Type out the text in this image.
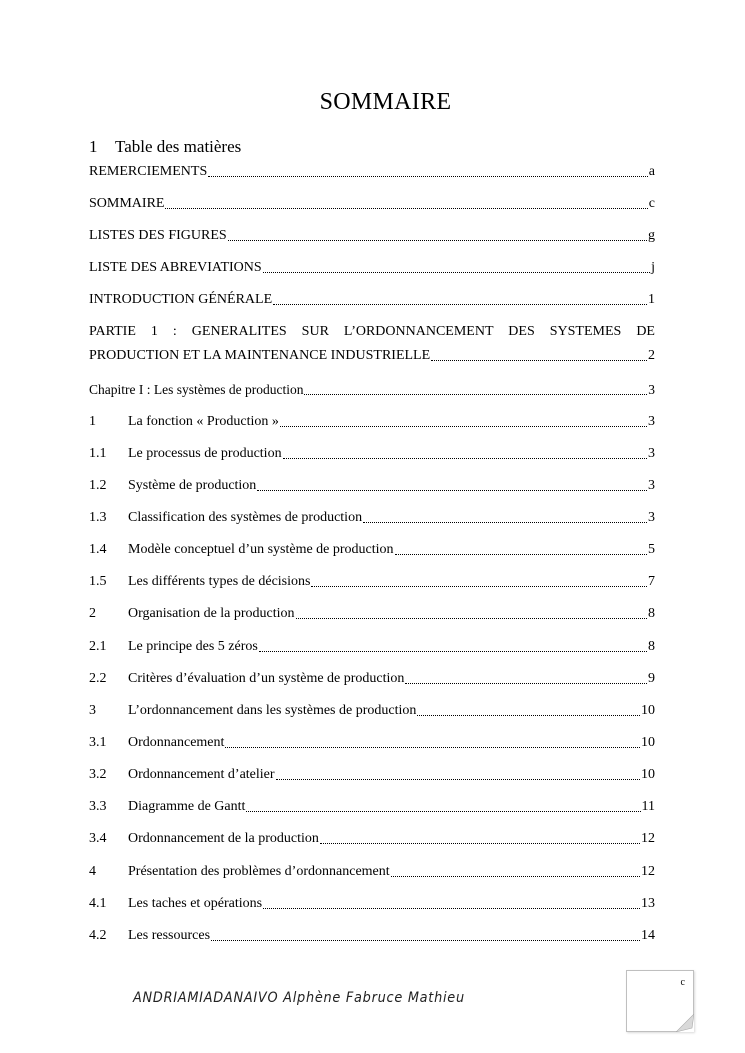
SOMMAIRE
1 Table des matières
REMERCIEMENTS	a
SOMMAIRE	c
LISTES DES FIGURES	g
LISTE DES ABREVIATIONS	j
INTRODUCTION GÉNÉRALE	1
PARTIE 1 : GENERALITES SUR L’ORDONNANCEMENT DES SYSTEMES DE
PRODUCTION ET LA MAINTENANCE INDUSTRIELLE	2
Chapitre I : Les systèmes de production	3
1	La fonction « Production »	3
1.1	Le processus de production	3
1.2	Système de production	3
1.3	Classification des systèmes de production	3
1.4	Modèle conceptuel d’un système de production	5
1.5	Les différents types de décisions	7
2	Organisation de la production	8
2.1	Le principe des 5 zéros	8
2.2	Critères d’évaluation d’un système de production	9
3	L’ordonnancement dans les systèmes de production	10
3.1	Ordonnancement	10
3.2	Ordonnancement d’atelier	10
3.3	Diagramme de Gantt	11
3.4	Ordonnancement de la production	12
4	Présentation des problèmes d’ordonnancement	12
4.1	Les taches et opérations	13
4.2	Les ressources	14
ANDRIAMIADANAIVO Alphène Fabruce Mathieu
c
